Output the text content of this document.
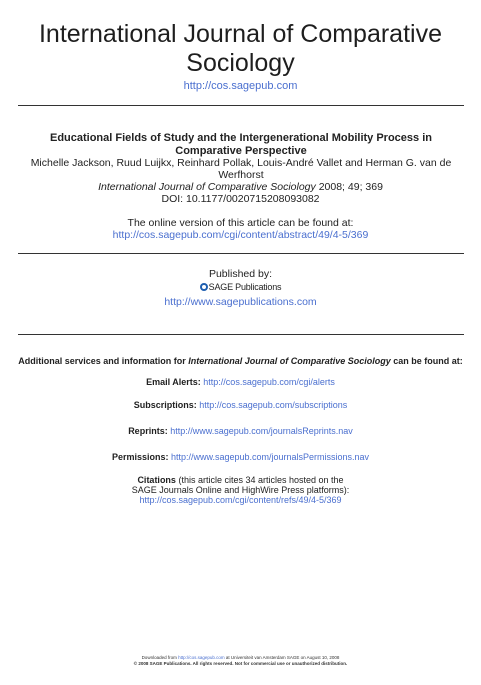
International Journal of Comparative
Sociology
http://cos.sagepub.com
Educational Fields of Study and the Intergenerational Mobility Process in
Comparative Perspective
Michelle Jackson, Ruud Luijkx, Reinhard Pollak, Louis-André Vallet and Herman G. van de
Werfhorst
International Journal of Comparative Sociology 2008; 49; 369
DOI: 10.1177/0020715208093082
The online version of this article can be found at:
http://cos.sagepub.com/cgi/content/abstract/49/4-5/369
Published by:
SAGE Publications
http://www.sagepublications.com
Additional services and information for International Journal of Comparative Sociology can be found at:
Email Alerts: http://cos.sagepub.com/cgi/alerts
Subscriptions: http://cos.sagepub.com/subscriptions
Reprints: http://www.sagepub.com/journalsReprints.nav
Permissions: http://www.sagepub.com/journalsPermissions.nav
Citations (this article cites 34 articles hosted on the
SAGE Journals Online and HighWire Press platforms):
http://cos.sagepub.com/cgi/content/refs/49/4-5/369
Downloaded from http://cos.sagepub.com at Universiteit van Amsterdam SAGE on August 10, 2008
© 2008 SAGE Publications. All rights reserved. Not for commercial use or unauthorized distribution.
